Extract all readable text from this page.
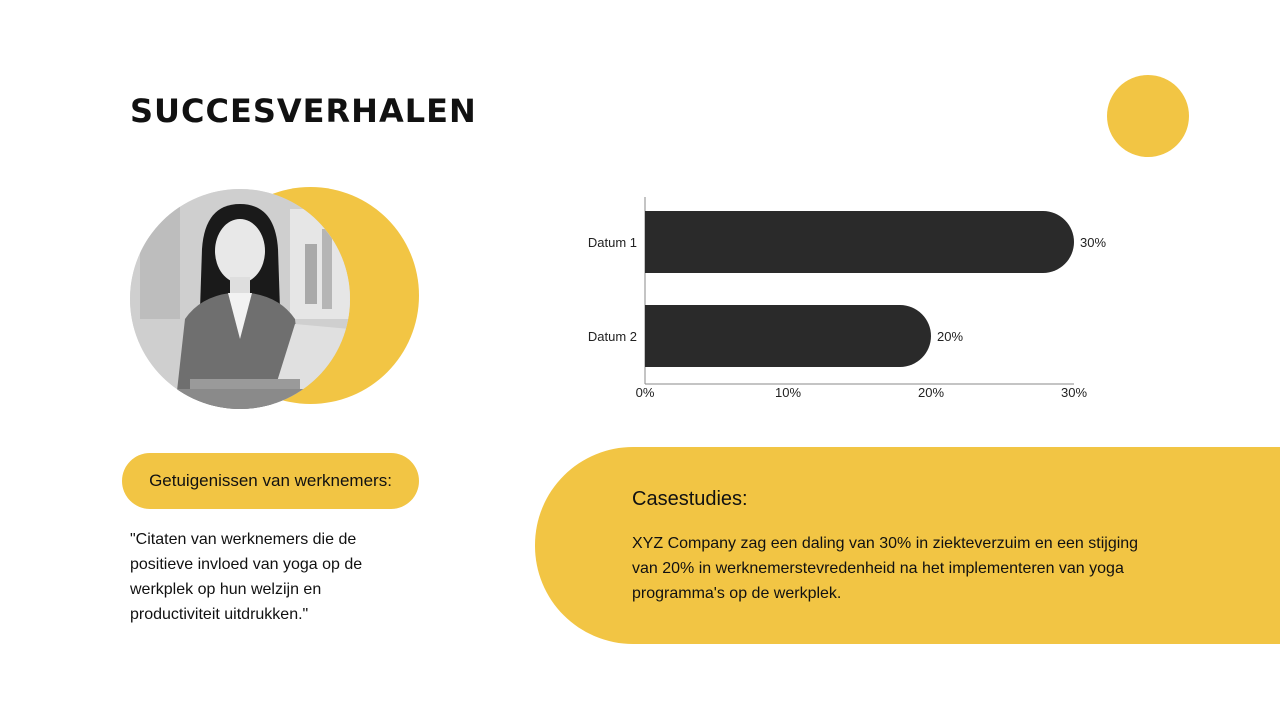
SUCCESVERHALEN
Getuigenissen van werknemers:
"Citaten van werknemers die de positieve invloed van yoga op de werkplek op hun welzijn en productiviteit uitdrukken."
Datum 1	30%
Datum 2	20%
0%	10%	20%	30%
Casestudies:
XYZ Company zag een daling van 30% in ziekteverzuim en een stijging van 20% in werknemerstevredenheid na het implementeren van yoga programma's op de werkplek.
